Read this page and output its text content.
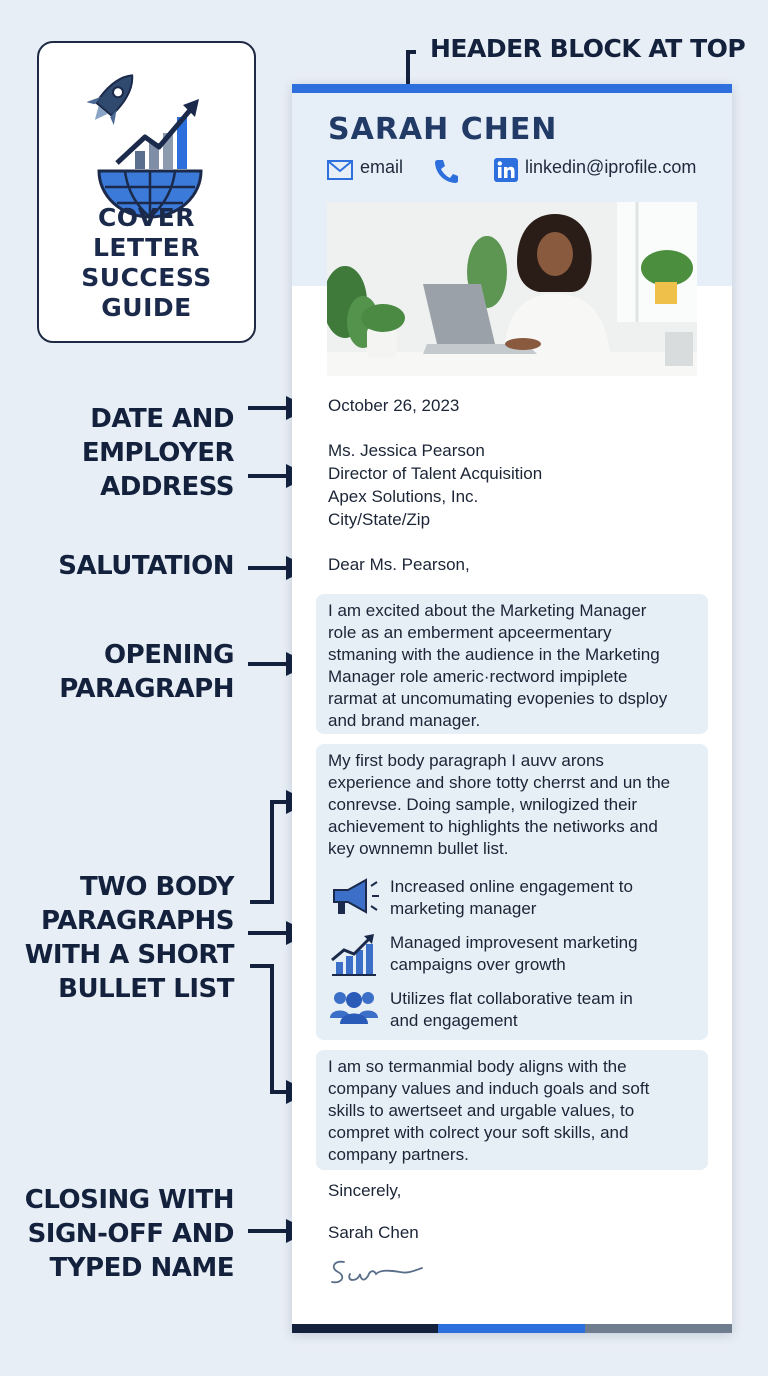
COVER
LETTER
SUCCESS
GUIDE
HEADER BLOCK AT TOP
DATE AND
EMPLOYER
ADDRESS
SALUTATION
OPENING
PARAGRAPH
TWO BODY
PARAGRAPHS
WITH A SHORT
BULLET LIST
CLOSING WITH
SIGN-OFF AND
TYPED NAME
SARAH CHEN
email	linkedin@iprofile.com
October 26, 2023
Ms. Jessica Pearson
Director of Talent Acquisition
Apex Solutions, Inc.
City/State/Zip
Dear Ms. Pearson,
I am excited about the Marketing Manager
role as an emberment apceermentary
stmaning with the audience in the Marketing
Manager role americ·rectword impiplete
rarmat at uncomumating evopenies to dsploy
and brand manager.
My first body paragraph I auvv arons
experience and shore totty cherrst and un the
conrevse. Doing sample, wnilogized their
achievement to highlights the netiworks and
key ownnemn bullet list.
Increased online engagement to
marketing manager
Managed improvesent marketing
campaigns over growth
Utilizes flat collaborative team in
and engagement
I am so termanmial body aligns with the
company values and induch goals and soft
skills to awertsееt and urgable values, to
compret with colrect your soft skills, and
company partners.
Sincerely,
Sarah Chen
